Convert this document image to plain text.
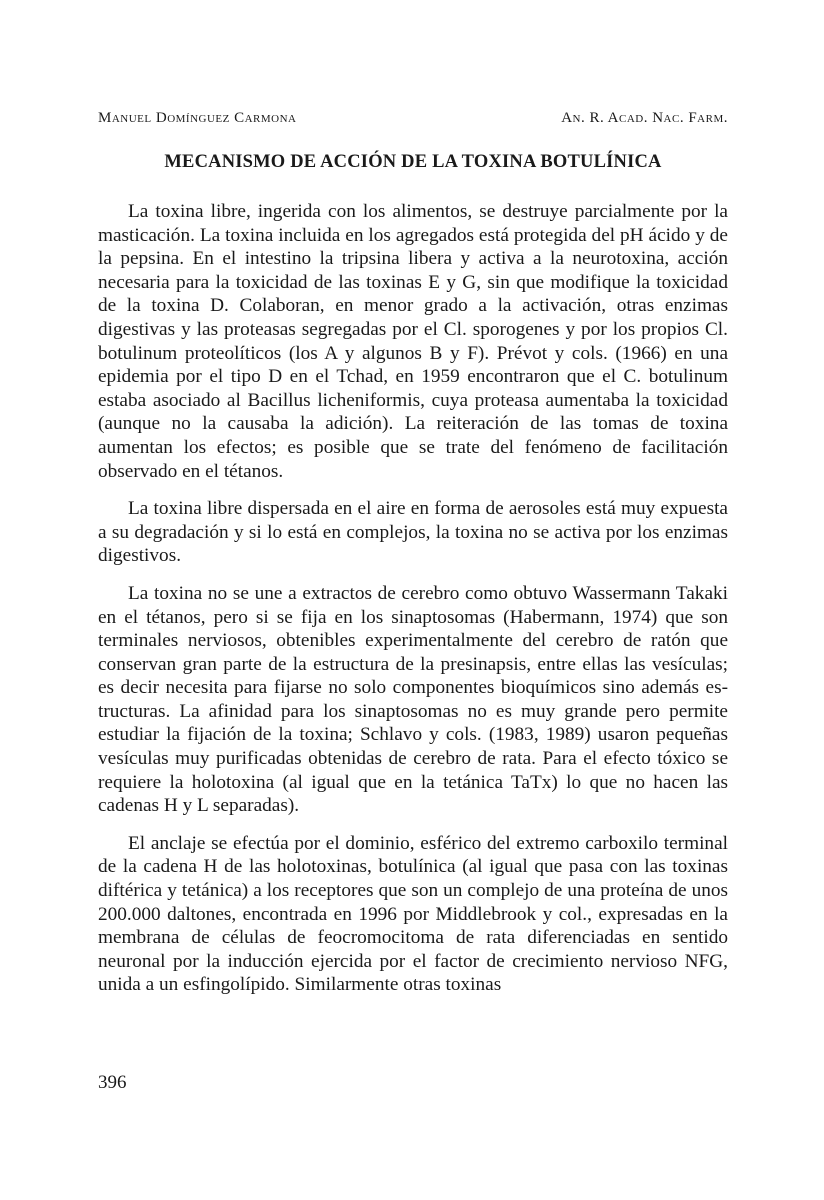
Manuel Domínguez Carmona	An. R. Acad. Nac. Farm.
MECANISMO DE ACCIÓN DE LA TOXINA BOTULÍNICA

La toxina libre, ingerida con los alimentos, se destruye parcialmente por la masticación. La toxina incluida en los agregados está protegida del pH ácido y de la pepsina. En el intestino la tripsina libera y activa a la neurotoxina, acción necesaria para la toxicidad de las toxinas E y G, sin que modifique la toxicidad de la toxina D. Colaboran, en menor grado a la activación, otras enzimas digestivas y las proteasas segregadas por el Cl. sporogenes y por los propios Cl. botulinum proteolíticos (los A y algunos B y F). Prévot y cols. (1966) en una epidemia por el tipo D en el Tchad, en 1959 encontraron que el C. botulinum estaba asociado al Bacillus licheniformis, cuya proteasa aumentaba la toxicidad (aunque no la causaba la adición). La reiteración de las tomas de toxina aumentan los efectos; es posible que se trate del fenómeno de facilitación observado en el tétanos.

La toxina libre dispersada en el aire en forma de aerosoles está muy expuesta a su degradación y si lo está en complejos, la toxina no se activa por los enzimas digestivos.

La toxina no se une a extractos de cerebro como obtuvo Wassermann Takaki en el tétanos, pero si se fija en los sinaptosomas (Habermann, 1974) que son terminales nerviosos, obtenibles experimentalmente del cerebro de ratón que conservan gran parte de la estructura de la presinapsis, entre ellas las vesículas; es decir necesita para fijarse no solo componentes bioquímicos sino además estructuras. La afinidad para los sinaptosomas no es muy grande pero permite estudiar la fijación de la toxina; Schlavo y cols. (1983, 1989) usaron pequeñas vesículas muy purificadas obtenidas de cerebro de rata. Para el efecto tóxico se requiere la holotoxina (al igual que en la tetánica TaTx) lo que no hacen las cadenas H y L separadas).

El anclaje se efectúa por el dominio, esférico del extremo carboxilo terminal de la cadena H de las holotoxinas, botulínica (al igual que pasa con las toxinas diftérica y tetánica) a los receptores que son un complejo de una proteína de unos 200.000 daltones, encontrada en 1996 por Middlebrook y col., expresadas en la membrana de células de feocromocitoma de rata diferenciadas en sentido neuronal por la inducción ejercida por el factor de crecimiento nervioso NFG, unida a un esfingolípido. Similarmente otras toxinas

396
